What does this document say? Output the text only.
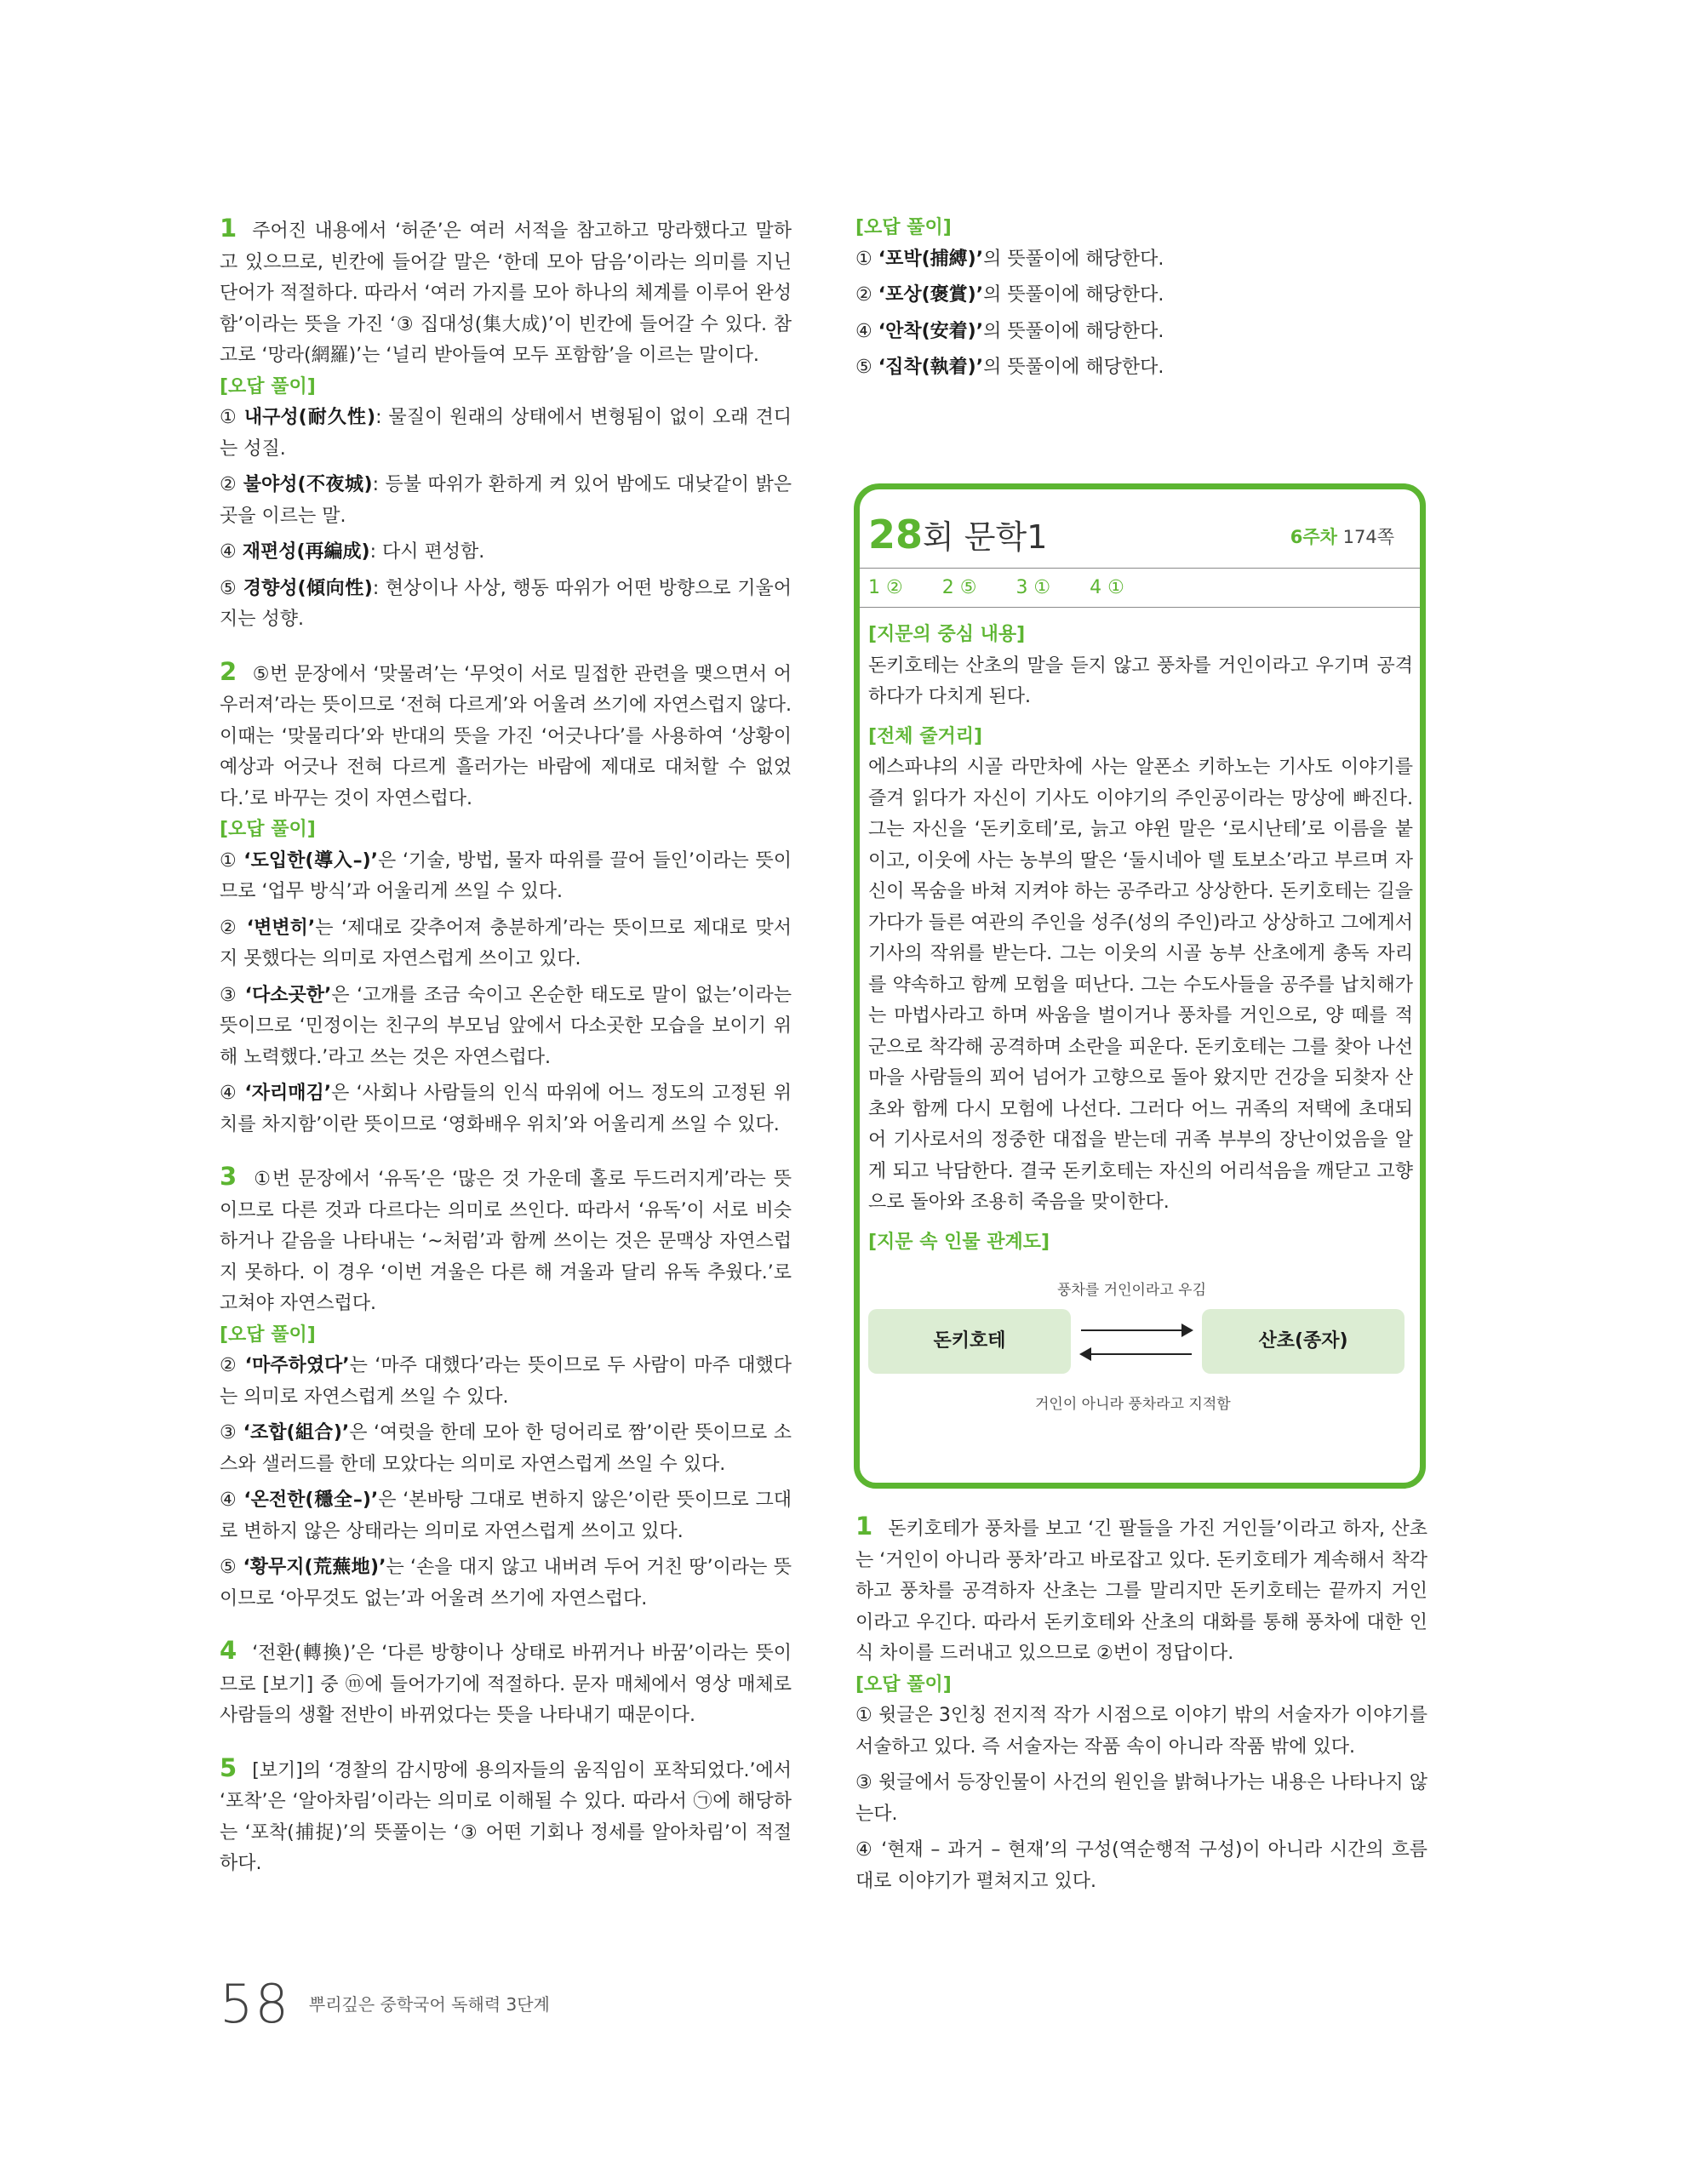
1 주어진 내용에서 ‘허준’은 여러 서적을 참고하고 망라했다고 말하고 있으므로, 빈칸에 들어갈 말은 ‘한데 모아 담음’이라는 의미를 지닌 단어가 적절하다. 따라서 ‘여러 가지를 모아 하나의 체계를 이루어 완성함’이라는 뜻을 가진 ‘③ 집대성(集大成)’이 빈칸에 들어갈 수 있다. 참고로 ‘망라(網羅)’는 ‘널리 받아들여 모두 포함함’을 이르는 말이다.

[오답 풀이]

① 내구성(耐久性): 물질이 원래의 상태에서 변형됨이 없이 오래 견디는 성질.

② 불야성(不夜城): 등불 따위가 환하게 켜 있어 밤에도 대낮같이 밝은 곳을 이르는 말.

④ 재편성(再編成): 다시 편성함.

⑤ 경향성(傾向性): 현상이나 사상, 행동 따위가 어떤 방향으로 기울어지는 성향.

2 ⑤번 문장에서 ‘맞물려’는 ‘무엇이 서로 밀접한 관련을 맺으면서 어우러져’라는 뜻이므로 ‘전혀 다르게’와 어울려 쓰기에 자연스럽지 않다. 이때는 ‘맞물리다’와 반대의 뜻을 가진 ‘어긋나다’를 사용하여 ‘상황이 예상과 어긋나 전혀 다르게 흘러가는 바람에 제대로 대처할 수 없었다.’로 바꾸는 것이 자연스럽다.

[오답 풀이]

① ‘도입한(導入–)’은 ‘기술, 방법, 물자 따위를 끌어 들인’이라는 뜻이므로 ‘업무 방식’과 어울리게 쓰일 수 있다.

② ‘변변히’는 ‘제대로 갖추어져 충분하게’라는 뜻이므로 제대로 맞서지 못했다는 의미로 자연스럽게 쓰이고 있다.

③ ‘다소곳한’은 ‘고개를 조금 숙이고 온순한 태도로 말이 없는’이라는 뜻이므로 ‘민정이는 친구의 부모님 앞에서 다소곳한 모습을 보이기 위해 노력했다.’라고 쓰는 것은 자연스럽다.

④ ‘자리매김’은 ‘사회나 사람들의 인식 따위에 어느 정도의 고정된 위치를 차지함’이란 뜻이므로 ‘영화배우 위치’와 어울리게 쓰일 수 있다.

3 ①번 문장에서 ‘유독’은 ‘많은 것 가운데 홀로 두드러지게’라는 뜻이므로 다른 것과 다르다는 의미로 쓰인다. 따라서 ‘유독’이 서로 비슷하거나 같음을 나타내는 ‘~처럼’과 함께 쓰이는 것은 문맥상 자연스럽지 못하다. 이 경우 ‘이번 겨울은 다른 해 겨울과 달리 유독 추웠다.’로 고쳐야 자연스럽다.

[오답 풀이]

② ‘마주하였다’는 ‘마주 대했다’라는 뜻이므로 두 사람이 마주 대했다는 의미로 자연스럽게 쓰일 수 있다.

③ ‘조합(組合)’은 ‘여럿을 한데 모아 한 덩어리로 짬’이란 뜻이므로 소스와 샐러드를 한데 모았다는 의미로 자연스럽게 쓰일 수 있다.

④ ‘온전한(穩全–)’은 ‘본바탕 그대로 변하지 않은’이란 뜻이므로 그대로 변하지 않은 상태라는 의미로 자연스럽게 쓰이고 있다.

⑤ ‘황무지(荒蕪地)’는 ‘손을 대지 않고 내버려 두어 거친 땅’이라는 뜻이므로 ‘아무것도 없는’과 어울려 쓰기에 자연스럽다.

4 ‘전환(轉換)’은 ‘다른 방향이나 상태로 바뀌거나 바꿈’이라는 뜻이므로 [보기] 중 ⓜ에 들어가기에 적절하다. 문자 매체에서 영상 매체로 사람들의 생활 전반이 바뀌었다는 뜻을 나타내기 때문이다.

5 [보기]의 ‘경찰의 감시망에 용의자들의 움직임이 포착되었다.’에서 ‘포착’은 ‘알아차림’이라는 의미로 이해될 수 있다. 따라서 ㉠에 해당하는 ‘포착(捕捉)’의 뜻풀이는 ‘③ 어떤 기회나 정세를 알아차림’이 적절하다.

[오답 풀이]

① ‘포박(捕縛)’의 뜻풀이에 해당한다.

② ‘포상(褒賞)’의 뜻풀이에 해당한다.

④ ‘안착(安着)’의 뜻풀이에 해당한다.

⑤ ‘집착(執着)’의 뜻풀이에 해당한다.

28회 문학1	6주차 174쪽
1 ② 2 ⑤ 3 ① 4 ①

[지문의 중심 내용]

돈키호테는 산초의 말을 듣지 않고 풍차를 거인이라고 우기며 공격하다가 다치게 된다.

[전체 줄거리]

에스파냐의 시골 라만차에 사는 알폰소 키하노는 기사도 이야기를 즐겨 읽다가 자신이 기사도 이야기의 주인공이라는 망상에 빠진다. 그는 자신을 ‘돈키호테’로, 늙고 야윈 말은 ‘로시난테’로 이름을 붙이고, 이웃에 사는 농부의 딸은 ‘둘시네아 델 토보소’라고 부르며 자신이 목숨을 바쳐 지켜야 하는 공주라고 상상한다. 돈키호테는 길을 가다가 들른 여관의 주인을 성주(성의 주인)라고 상상하고 그에게서 기사의 작위를 받는다. 그는 이웃의 시골 농부 산초에게 총독 자리를 약속하고 함께 모험을 떠난다. 그는 수도사들을 공주를 납치해가는 마법사라고 하며 싸움을 벌이거나 풍차를 거인으로, 양 떼를 적군으로 착각해 공격하며 소란을 피운다. 돈키호테는 그를 찾아 나선 마을 사람들의 꾀어 넘어가 고향으로 돌아 왔지만 건강을 되찾자 산초와 함께 다시 모험에 나선다. 그러다 어느 귀족의 저택에 초대되어 기사로서의 정중한 대접을 받는데 귀족 부부의 장난이었음을 알게 되고 낙담한다. 결국 돈키호테는 자신의 어리석음을 깨닫고 고향으로 돌아와 조용히 죽음을 맞이한다.

[지문 속 인물 관계도]

풍차를 거인이라고 우김
돈키호테	산초(종자)
거인이 아니라 풍차라고 지적함

1 돈키호테가 풍차를 보고 ‘긴 팔들을 가진 거인들’이라고 하자, 산초는 ‘거인이 아니라 풍차’라고 바로잡고 있다. 돈키호테가 계속해서 착각하고 풍차를 공격하자 산초는 그를 말리지만 돈키호테는 끝까지 거인이라고 우긴다. 따라서 돈키호테와 산초의 대화를 통해 풍차에 대한 인식 차이를 드러내고 있으므로 ②번이 정답이다.

[오답 풀이]

① 윗글은 3인칭 전지적 작가 시점으로 이야기 밖의 서술자가 이야기를 서술하고 있다. 즉 서술자는 작품 속이 아니라 작품 밖에 있다.

③ 윗글에서 등장인물이 사건의 원인을 밝혀나가는 내용은 나타나지 않는다.

④ ‘현재 – 과거 – 현재’의 구성(역순행적 구성)이 아니라 시간의 흐름대로 이야기가 펼쳐지고 있다.

58 뿌리깊은 중학국어 독해력 3단계
